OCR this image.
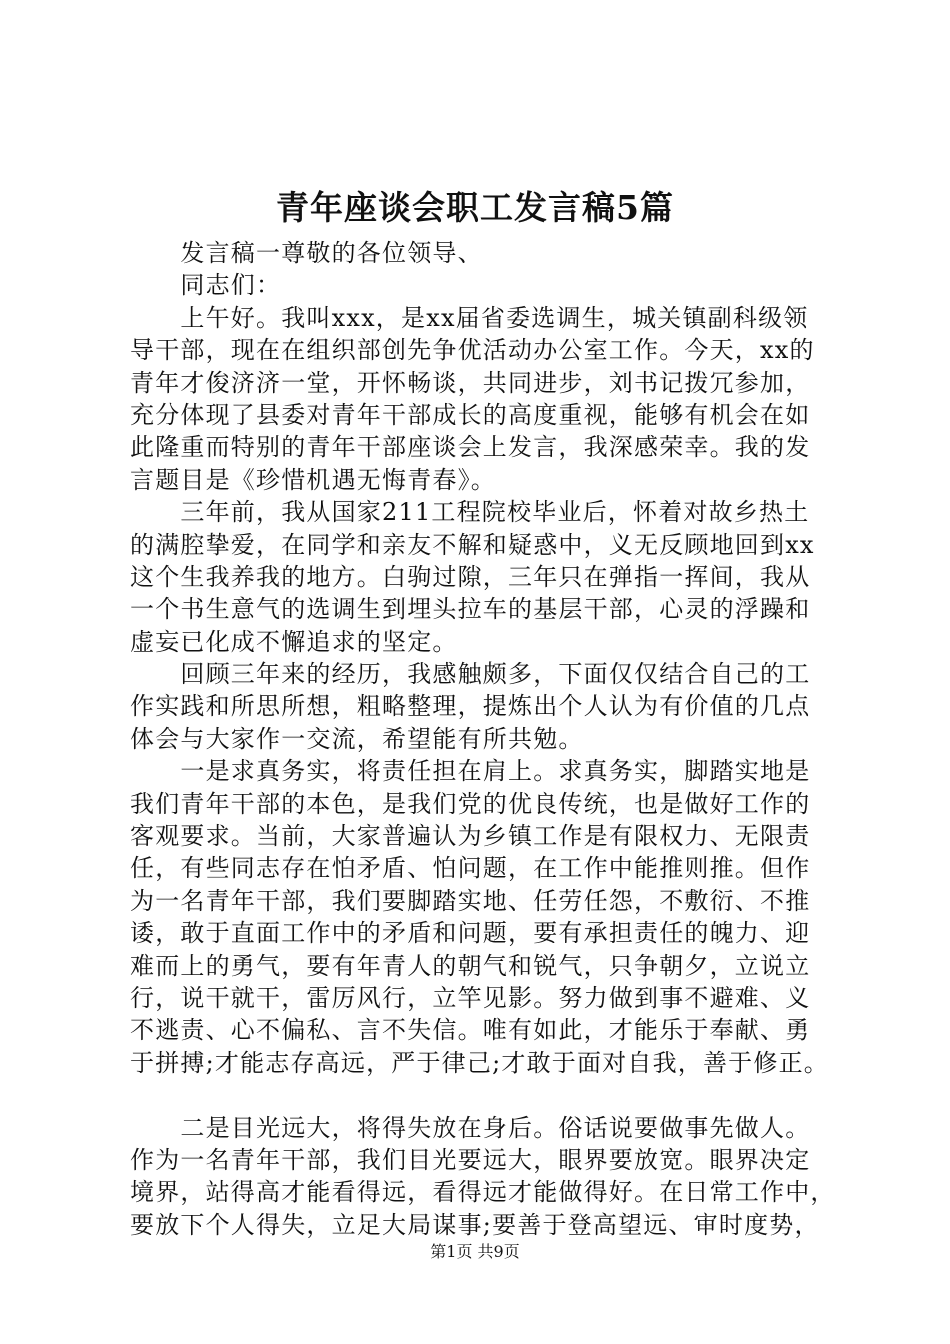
青年座谈会职工发言稿5篇
　　发言稿一尊敬的各位领导、
　　同志们：
　　上午好。我叫xxx，是xx届省委选调生，城关镇副科级领
导干部，现在在组织部创先争优活动办公室工作。今天，xx的
青年才俊济济一堂，开怀畅谈，共同进步，刘书记拨冗参加，
充分体现了县委对青年干部成长的高度重视，能够有机会在如
此隆重而特别的青年干部座谈会上发言，我深感荣幸。我的发
言题目是《珍惜机遇无悔青春》。
　　三年前，我从国家211工程院校毕业后，怀着对故乡热土
的满腔挚爱，在同学和亲友不解和疑惑中，义无反顾地回到xx
这个生我养我的地方。白驹过隙，三年只在弹指一挥间，我从
一个书生意气的选调生到埋头拉车的基层干部，心灵的浮躁和
虚妄已化成不懈追求的坚定。
　　回顾三年来的经历，我感触颇多，下面仅仅结合自己的工
作实践和所思所想，粗略整理，提炼出个人认为有价值的几点
体会与大家作一交流，希望能有所共勉。
　　一是求真务实，将责任担在肩上。求真务实，脚踏实地是
我们青年干部的本色，是我们党的优良传统，也是做好工作的
客观要求。当前，大家普遍认为乡镇工作是有限权力、无限责
任，有些同志存在怕矛盾、怕问题，在工作中能推则推。但作
为一名青年干部，我们要脚踏实地、任劳任怨，不敷衍、不推
诿，敢于直面工作中的矛盾和问题，要有承担责任的魄力、迎
难而上的勇气，要有年青人的朝气和锐气，只争朝夕，立说立
行，说干就干，雷厉风行，立竿见影。努力做到事不避难、义
不逃责、心不偏私、言不失信。唯有如此，才能乐于奉献、勇
于拼搏;才能志存高远，严于律己;才敢于面对自我，善于修正。
　　二是目光远大，将得失放在身后。俗话说要做事先做人。
作为一名青年干部，我们目光要远大，眼界要放宽。眼界决定
境界，站得高才能看得远，看得远才能做得好。在日常工作中，
要放下个人得失，立足大局谋事;要善于登高望远、审时度势，
第1页 共9页
